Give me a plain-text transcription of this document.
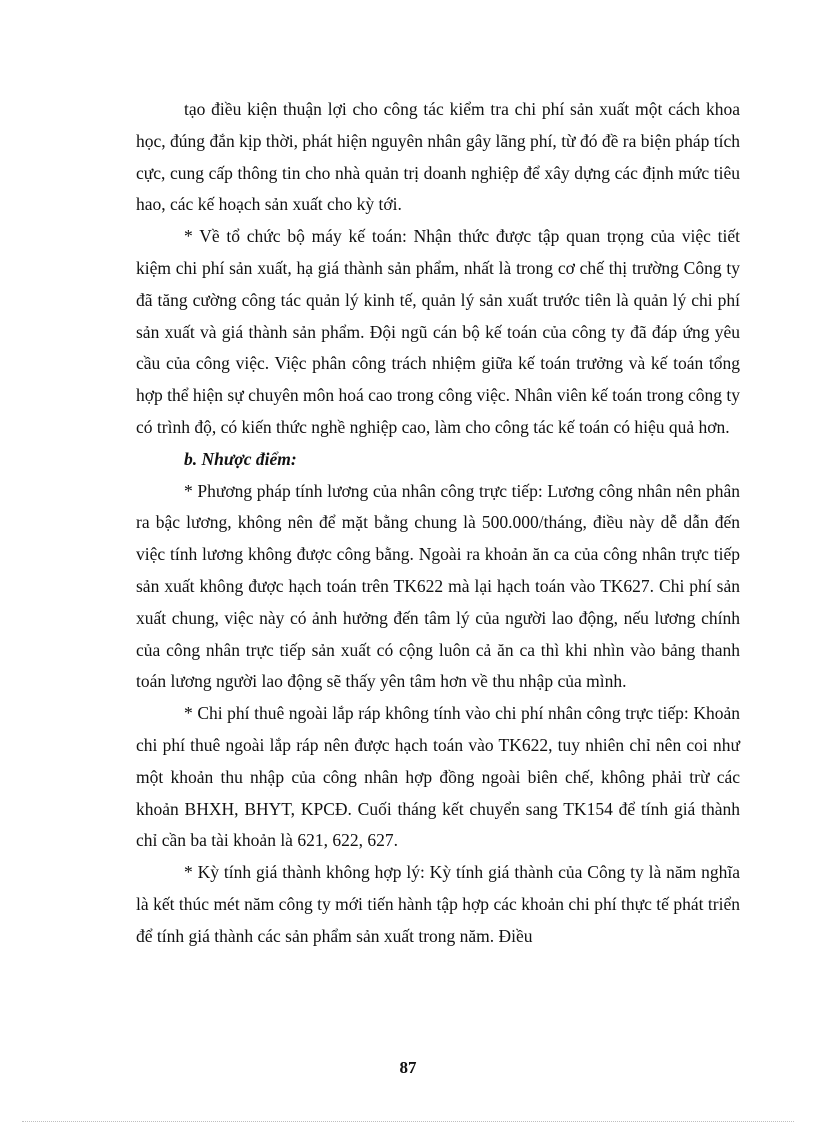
tạo điều kiện thuận lợi cho công tác kiểm tra chi phí sản xuất một cách khoa học, đúng đắn kịp thời, phát hiện nguyên nhân gây lãng phí, từ đó đề ra biện pháp tích cực, cung cấp thông tin cho nhà quản trị doanh nghiệp để xây dựng các định mức tiêu hao, các kế hoạch sản xuất cho kỳ tới.

* Về tổ chức bộ máy kế toán: Nhận thức được tập quan trọng của việc tiết kiệm chi phí sản xuất, hạ giá thành sản phẩm, nhất là trong cơ chế thị trường Công ty đã tăng cường công tác quản lý kinh tế, quản lý sản xuất trước tiên là quản lý chi phí sản xuất và giá thành sản phẩm. Đội ngũ cán bộ kế toán của công ty đã đáp ứng yêu cầu của công việc. Việc phân công trách nhiệm giữa kế toán trưởng và kế toán tổng hợp thể hiện sự chuyên môn hoá cao trong công việc. Nhân viên kế toán trong công ty có trình độ, có kiến thức nghề nghiệp cao, làm cho công tác kế toán có hiệu quả hơn.

b. Nhược điểm:

* Phương pháp tính lương của nhân công trực tiếp: Lương công nhân nên phân ra bậc lương, không nên để mặt bằng chung là 500.000/tháng, điều này dễ dẫn đến việc tính lương không được công bằng. Ngoài ra khoản ăn ca của công nhân trực tiếp sản xuất không được hạch toán trên TK622 mà lại hạch toán vào TK627. Chi phí sản xuất chung, việc này có ảnh hưởng đến tâm lý của người lao động, nếu lương chính của công nhân trực tiếp sản xuất có cộng luôn cả ăn ca thì khi nhìn vào bảng thanh toán lương người lao động sẽ thấy yên tâm hơn về thu nhập của mình.

* Chi phí thuê ngoài lắp ráp không tính vào chi phí nhân công trực tiếp: Khoản chi phí thuê ngoài lắp ráp nên được hạch toán vào TK622, tuy nhiên chỉ nên coi như một khoản thu nhập của công nhân hợp đồng ngoài biên chế, không phải trừ các khoản BHXH, BHYT, KPCĐ. Cuối tháng kết chuyển sang TK154 để tính giá thành chỉ cần ba tài khoản là 621, 622, 627.

* Kỳ tính giá thành không hợp lý: Kỳ tính giá thành của Công ty là năm nghĩa là kết thúc mét năm công ty mới tiến hành tập hợp các khoản chi phí thực tế phát triển để tính giá thành các sản phẩm sản xuất trong năm. Điều

87
